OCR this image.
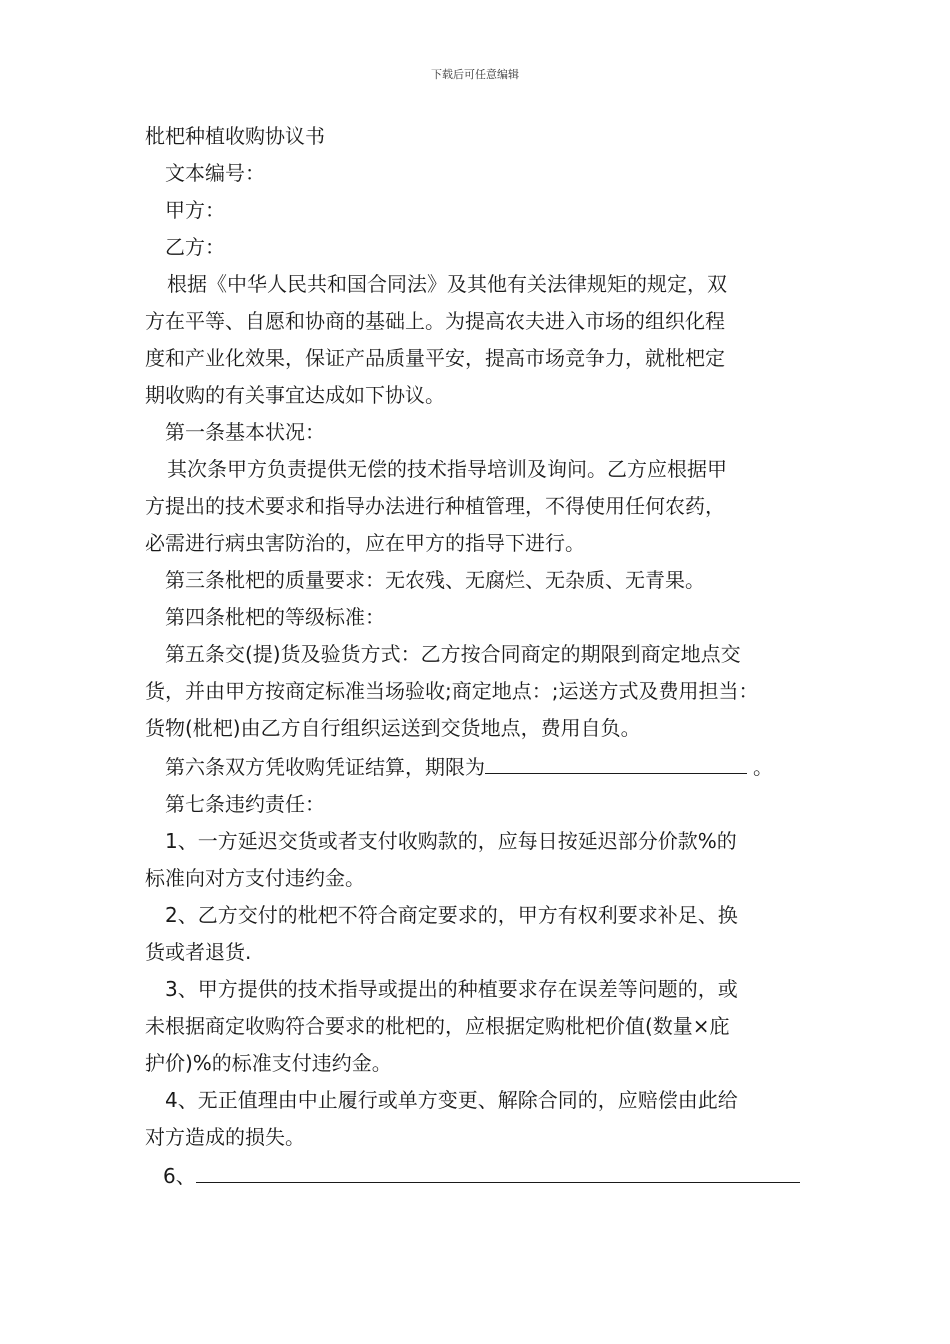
下载后可任意编辑

枇杷种植收购协议书

文本编号：

甲方：

乙方：

根据《中华人民共和国合同法》及其他有关法律规矩的规定，双

方在平等、自愿和协商的基础上。为提高农夫进入市场的组织化程

度和产业化效果，保证产品质量平安，提高市场竞争力，就枇杷定

期收购的有关事宜达成如下协议。

第一条基本状况：

其次条甲方负责提供无偿的技术指导培训及询问。乙方应根据甲

方提出的技术要求和指导办法进行种植管理，不得使用任何农药，

必需进行病虫害防治的，应在甲方的指导下进行。

第三条枇杷的质量要求：无农残、无腐烂、无杂质、无青果。

第四条枇杷的等级标准：

第五条交(提)货及验货方式：乙方按合同商定的期限到商定地点交

货，并由甲方按商定标准当场验收;商定地点：;运送方式及费用担当：

货物(枇杷)由乙方自行组织运送到交货地点，费用自负。

第六条双方凭收购凭证结算，期限为	。

第七条违约责任：

1、一方延迟交货或者支付收购款的，应每日按延迟部分价款%的

标准向对方支付违约金。

2、乙方交付的枇杷不符合商定要求的，甲方有权利要求补足、换

货或者退货.

3、甲方提供的技术指导或提出的种植要求存在误差等问题的，或

未根据商定收购符合要求的枇杷的，应根据定购枇杷价值(数量×庇

护价)%的标准支付违约金。

4、无正值理由中止履行或单方变更、解除合同的，应赔偿由此给

对方造成的损失。

6、
